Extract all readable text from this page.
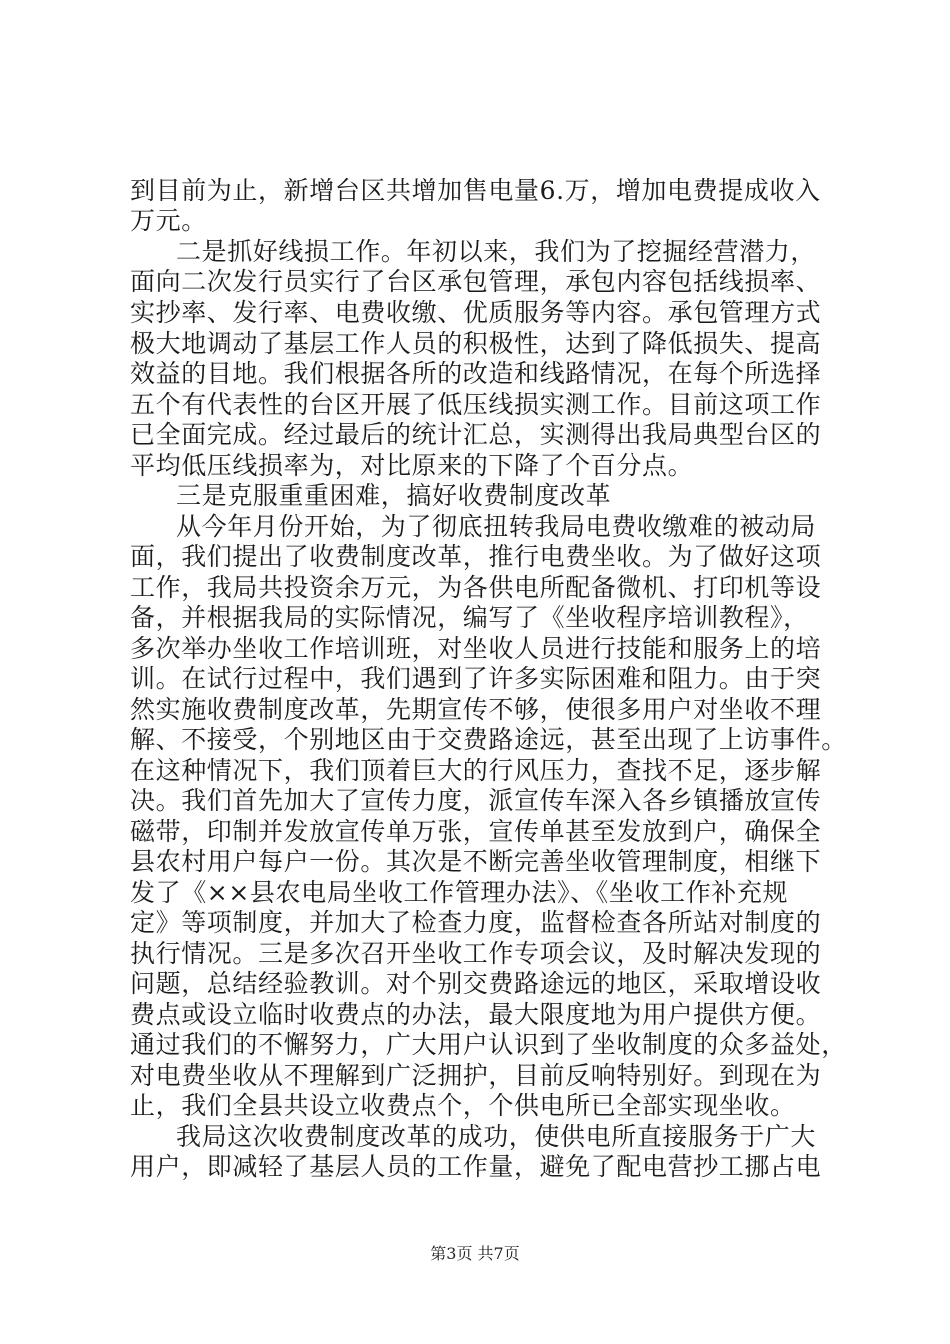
到目前为止，新增台区共增加售电量6.万，增加电费提成收入
万元。
二是抓好线损工作。年初以来，我们为了挖掘经营潜力，
面向二次发行员实行了台区承包管理，承包内容包括线损率、
实抄率、发行率、电费收缴、优质服务等内容。承包管理方式
极大地调动了基层工作人员的积极性，达到了降低损失、提高
效益的目地。我们根据各所的改造和线路情况，在每个所选择
五个有代表性的台区开展了低压线损实测工作。目前这项工作
已全面完成。经过最后的统计汇总，实测得出我局典型台区的
平均低压线损率为，对比原来的下降了个百分点。
三是克服重重困难，搞好收费制度改革
从今年月份开始，为了彻底扭转我局电费收缴难的被动局
面，我们提出了收费制度改革，推行电费坐收。为了做好这项
工作，我局共投资余万元，为各供电所配备微机、打印机等设
备，并根据我局的实际情况，编写了《坐收程序培训教程》，
多次举办坐收工作培训班，对坐收人员进行技能和服务上的培
训。在试行过程中，我们遇到了许多实际困难和阻力。由于突
然实施收费制度改革，先期宣传不够，使很多用户对坐收不理
解、不接受，个别地区由于交费路途远，甚至出现了上访事件。
在这种情况下，我们顶着巨大的行风压力，查找不足，逐步解
决。我们首先加大了宣传力度，派宣传车深入各乡镇播放宣传
磁带，印制并发放宣传单万张，宣传单甚至发放到户，确保全
县农村用户每户一份。其次是不断完善坐收管理制度，相继下
发了《××县农电局坐收工作管理办法》、《坐收工作补充规
定》等项制度，并加大了检查力度，监督检查各所站对制度的
执行情况。三是多次召开坐收工作专项会议，及时解决发现的
问题，总结经验教训。对个别交费路途远的地区，采取增设收
费点或设立临时收费点的办法，最大限度地为用户提供方便。
通过我们的不懈努力，广大用户认识到了坐收制度的众多益处，
对电费坐收从不理解到广泛拥护，目前反响特别好。到现在为
止，我们全县共设立收费点个，个供电所已全部实现坐收。
我局这次收费制度改革的成功，使供电所直接服务于广大
用户，即减轻了基层人员的工作量，避免了配电营抄工挪占电
第3页 共7页
